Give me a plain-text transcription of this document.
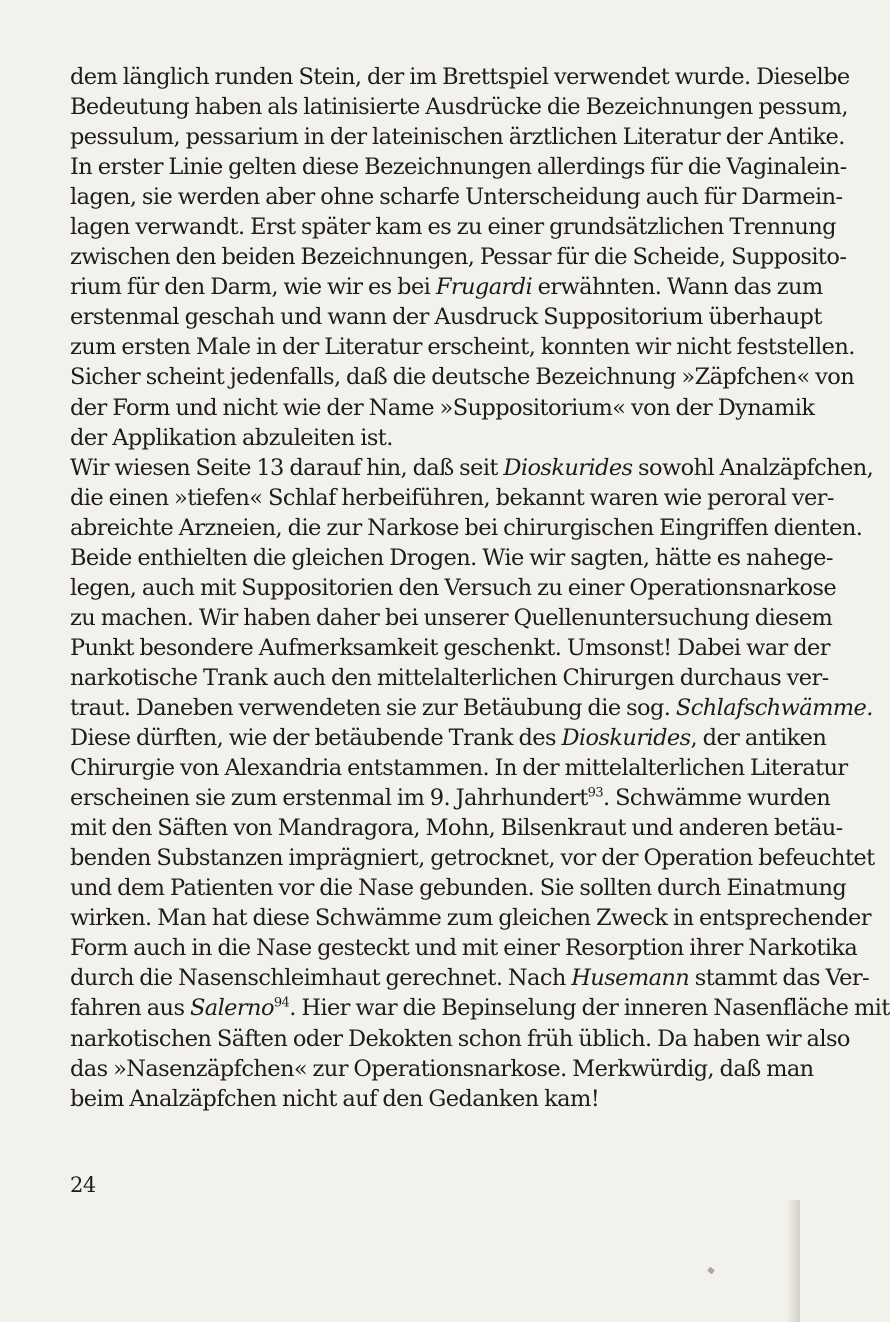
dem länglich runden Stein, der im Brettspiel verwendet wurde. Dieselbe
Bedeutung haben als latinisierte Ausdrücke die Bezeichnungen pessum,
pessulum, pessarium in der lateinischen ärztlichen Literatur der Antike.
In erster Linie gelten diese Bezeichnungen allerdings für die Vaginalein-
lagen, sie werden aber ohne scharfe Unterscheidung auch für Darmein-
lagen verwandt. Erst später kam es zu einer grundsätzlichen Trennung
zwischen den beiden Bezeichnungen, Pessar für die Scheide, Supposito-
rium für den Darm, wie wir es bei Frugardi erwähnten. Wann das zum
erstenmal geschah und wann der Ausdruck Suppositorium überhaupt
zum ersten Male in der Literatur erscheint, konnten wir nicht feststellen.
Sicher scheint jedenfalls, daß die deutsche Bezeichnung »Zäpfchen« von
der Form und nicht wie der Name »Suppositorium« von der Dynamik
der Applikation abzuleiten ist.
Wir wiesen Seite 13 darauf hin, daß seit Dioskurides sowohl Analzäpfchen,
die einen »tiefen« Schlaf herbeiführen, bekannt waren wie peroral ver-
abreichte Arzneien, die zur Narkose bei chirurgischen Eingriffen dienten.
Beide enthielten die gleichen Drogen. Wie wir sagten, hätte es nahege-
legen, auch mit Suppositorien den Versuch zu einer Operationsnarkose
zu machen. Wir haben daher bei unserer Quellenuntersuchung diesem
Punkt besondere Aufmerksamkeit geschenkt. Umsonst! Dabei war der
narkotische Trank auch den mittelalterlichen Chirurgen durchaus ver-
traut. Daneben verwendeten sie zur Betäubung die sog. Schlafschwämme.
Diese dürften, wie der betäubende Trank des Dioskurides, der antiken
Chirurgie von Alexandria entstammen. In der mittelalterlichen Literatur
erscheinen sie zum erstenmal im 9. Jahrhundert$^{93}$. Schwämme wurden
mit den Säften von Mandragora, Mohn, Bilsenkraut und anderen betäu-
benden Substanzen imprägniert, getrocknet, vor der Operation befeuchtet
und dem Patienten vor die Nase gebunden. Sie sollten durch Einatmung
wirken. Man hat diese Schwämme zum gleichen Zweck in entsprechender
Form auch in die Nase gesteckt und mit einer Resorption ihrer Narkotika
durch die Nasenschleimhaut gerechnet. Nach Husemann stammt das Ver-
fahren aus Salerno$^{94}$. Hier war die Bepinselung der inneren Nasenfläche mit
narkotischen Säften oder Dekokten schon früh üblich. Da haben wir also
das »Nasenzäpfchen« zur Operationsnarkose. Merkwürdig, daß man
beim Analzäpfchen nicht auf den Gedanken kam!
24
